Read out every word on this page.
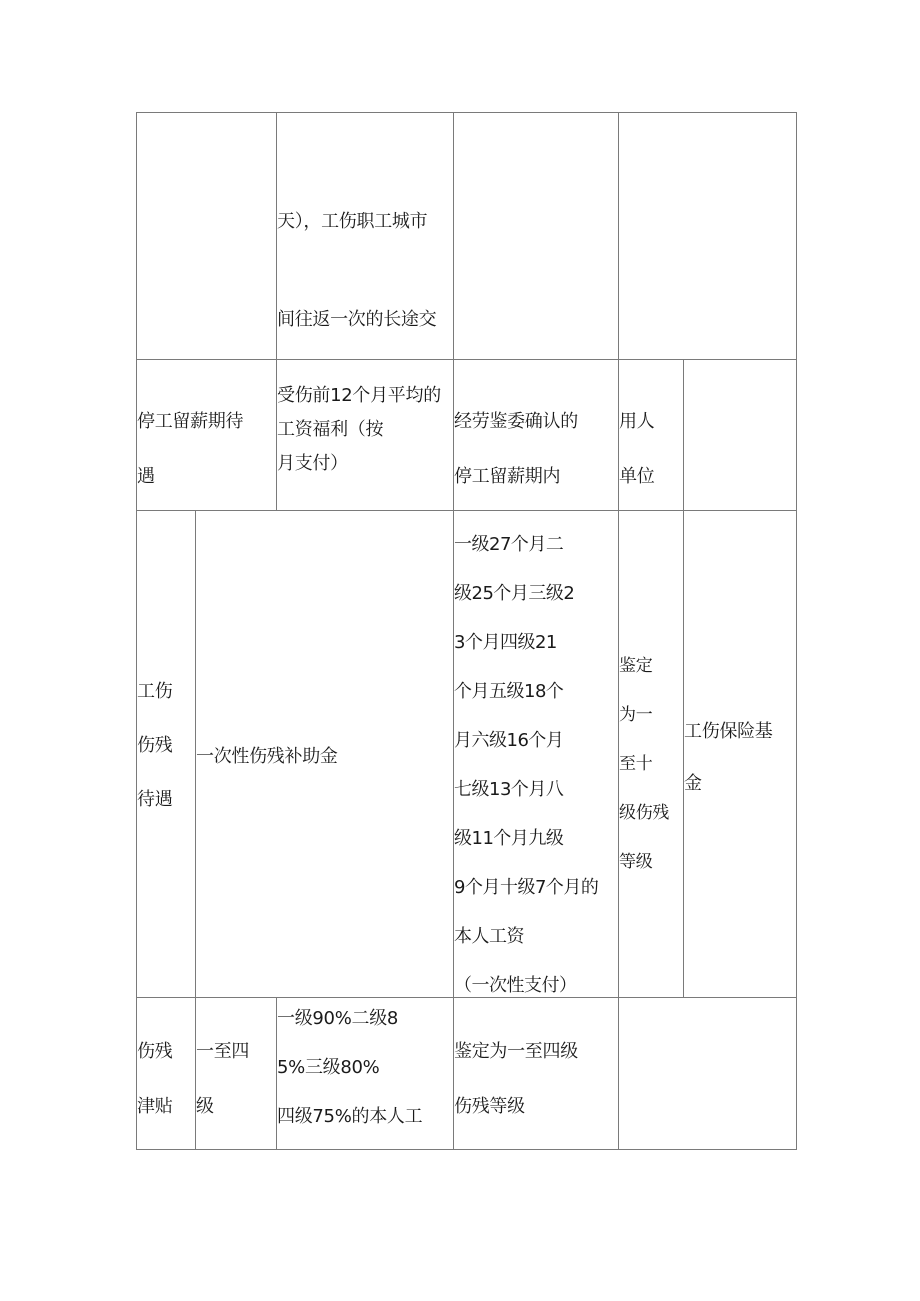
天），工伤职工城市

间往返一次的长途交

停工留薪期待
遇
受伤前12个月平均的
工资福利（按
月支付）
经劳鉴委确认的
停工留薪期内
用人
单位
工伤
伤残
待遇
一次性伤残补助金
一级27个月二
级25个月三级2
3个月四级21
个月五级18个
月六级16个月
七级13个月八
级11个月九级
9个月十级7个月的
本人工资
（一次性支付）
鉴定
为一
至十
级伤残
等级
工伤保险基
金
伤残
津贴
一至四
级
一级90%二级8
5%三级80%
四级75%的本人工
鉴定为一至四级
伤残等级
